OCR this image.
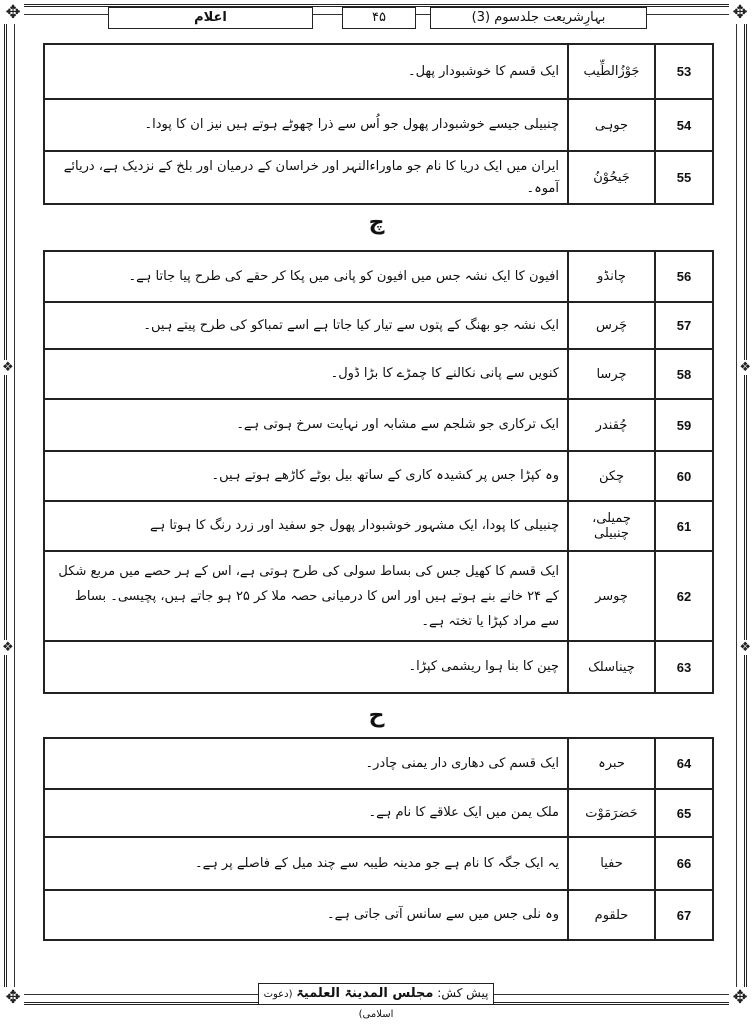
✥	✥
✥	✥
❖	❖
❖	❖
اعلام	۴۵	بہارِشریعت جلدسوم (3)
53	جَوْزُالطِّیب	ایک قسم کا خوشبودار پھل۔
54	جوہی	چنبیلی جیسے خوشبودار پھول جو اُس سے ذرا چھوٹے ہوتے ہیں نیز ان کا پودا۔
55	جَیحُوْنُ	ایران میں ایک دریا کا نام جو ماوراءالنہر اور خراسان کے درمیان اور بلخ کے نزدیک ہے، دریائے آموہ۔
چ
56	چانڈو	افیون کا ایک نشہ جس میں افیون کو پانی میں پکا کر حقے کی طرح پیا جاتا ہے۔
57	چَرس	ایک نشہ جو بھنگ کے پتوں سے تیار کیا جاتا ہے اسے تمباکو کی طرح پیتے ہیں۔
58	چرسا	کنویں سے پانی نکالنے کا چمڑے کا بڑا ڈول۔
59	چُقندر	ایک ترکاری جو شلجم سے مشابہ اور نہایت سرخ ہوتی ہے۔
60	چکن	وہ کپڑا جس پر کشیدہ کاری کے ساتھ بیل بوٹے کاڑھے ہوتے ہیں۔
61	چمیلی، چنبیلی	چنبیلی کا پودا، ایک مشہور خوشبودار پھول جو سفید اور زرد رنگ کا ہوتا ہے
62	چوسر	ایک قسم کا کھیل جس کی بساط سولی کی طرح ہوتی ہے، اس کے ہر حصے میں مربع شکل کے ۲۴ خانے بنے ہوتے ہیں اور اس کا درمیانی حصہ ملا کر ۲۵ ہو جاتے ہیں، پچیسی۔ بساط سے مراد کپڑا یا تختہ ہے۔
63	چیناسلک	چین کا بنا ہوا ریشمی کپڑا۔
ح
64	حبرہ	ایک قسم کی دھاری دار یمنی چادر۔
65	حَضرَمَوْت	ملک یمن میں ایک علاقے کا نام ہے۔
66	حفیا	یہ ایک جگہ کا نام ہے جو مدینہ طیبہ سے چند میل کے فاصلے پر ہے۔
67	حلقوم	وہ نلی جس میں سے سانس آتی جاتی ہے۔
پیش کش: مجلس المدینۃ العلمیۃ (دعوت اسلامی)
